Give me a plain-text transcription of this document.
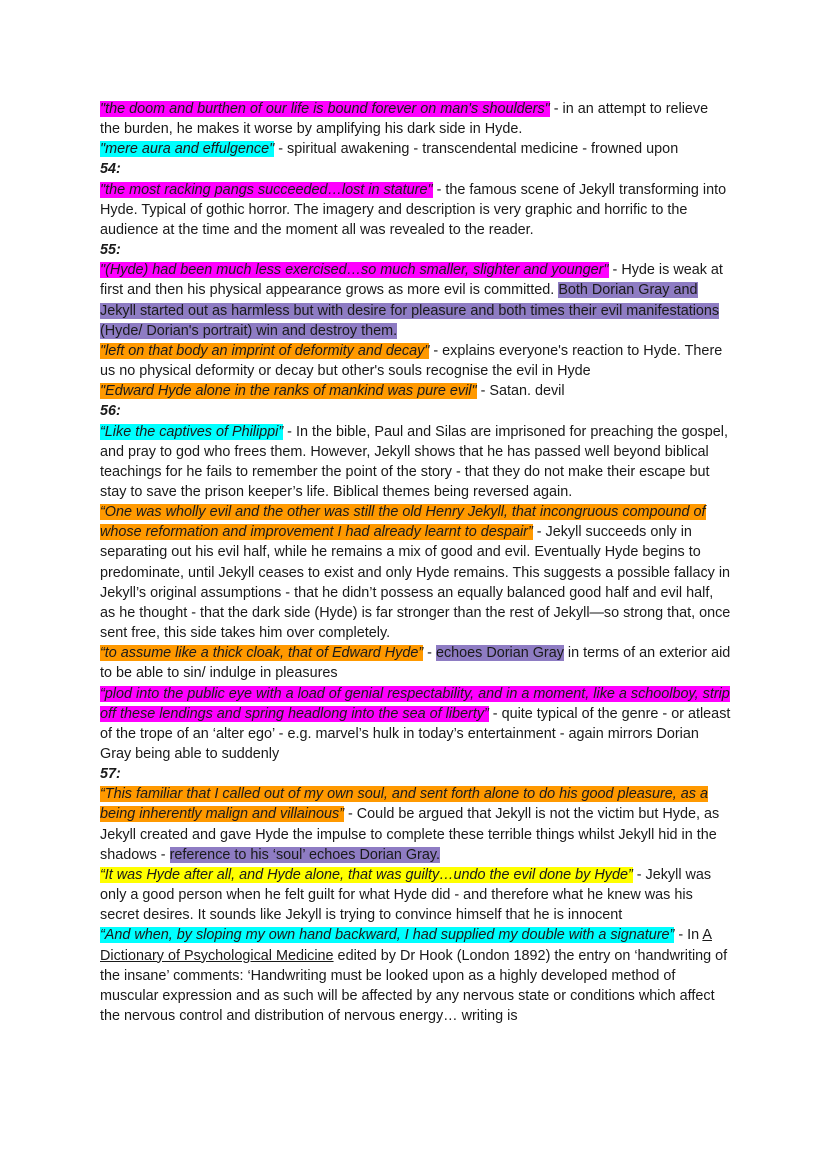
"the doom and burthen of our life is bound forever on man's shoulders" - in an attempt to relieve the burden, he makes it worse by amplifying his dark side in Hyde.

"mere aura and effulgence" - spiritual awakening - transcendental medicine - frowned upon

54:

"the most racking pangs succeeded…lost in stature" - the famous scene of Jekyll transforming into Hyde. Typical of gothic horror. The imagery and description is very graphic and horrific to the audience at the time and the moment all was revealed to the reader.

55:

"(Hyde) had been much less exercised…so much smaller, slighter and younger" - Hyde is weak at first and then his physical appearance grows as more evil is committed. Both Dorian Gray and Jekyll started out as harmless but with desire for pleasure and both times their evil manifestations (Hyde/ Dorian's portrait) win and destroy them.

"left on that body an imprint of deformity and decay" - explains everyone's reaction to Hyde. There us no physical deformity or decay but other's souls recognise the evil in Hyde

"Edward Hyde alone in the ranks of mankind was pure evil" - Satan. devil

56:

“Like the captives of Philippi” - In the bible, Paul and Silas are imprisoned for preaching the gospel, and pray to god who frees them. However, Jekyll shows that he has passed well beyond biblical teachings for he fails to remember the point of the story - that they do not make their escape but stay to save the prison keeper’s life. Biblical themes being reversed again.

“One was wholly evil and the other was still the old Henry Jekyll, that incongruous compound of whose reformation and improvement I had already learnt to despair” - Jekyll succeeds only in separating out his evil half, while he remains a mix of good and evil. Eventually Hyde begins to predominate, until Jekyll ceases to exist and only Hyde remains. This suggests a possible fallacy in Jekyll’s original assumptions - that he didn’t possess an equally balanced good half and evil half, as he thought - that the dark side (Hyde) is far stronger than the rest of Jekyll—so strong that, once sent free, this side takes him over completely.

“to assume like a thick cloak, that of Edward Hyde” - echoes Dorian Gray in terms of an exterior aid to be able to sin/ indulge in pleasures

“plod into the public eye with a load of genial respectability, and in a moment, like a schoolboy, strip off these lendings and spring headlong into the sea of liberty” - quite typical of the genre - or atleast of the trope of an ‘alter ego’ - e.g. marvel’s hulk in today’s entertainment - again mirrors Dorian Gray being able to suddenly

57:

“This familiar that I called out of my own soul, and sent forth alone to do his good pleasure, as a being inherently malign and villainous” - Could be argued that Jekyll is not the victim but Hyde, as Jekyll created and gave Hyde the impulse to complete these terrible things whilst Jekyll hid in the shadows - reference to his ‘soul’ echoes Dorian Gray.

“It was Hyde after all, and Hyde alone, that was guilty…undo the evil done by Hyde” - Jekyll was only a good person when he felt guilt for what Hyde did - and therefore what he knew was his secret desires. It sounds like Jekyll is trying to convince himself that he is innocent

“And when, by sloping my own hand backward, I had supplied my double with a signature” - In A Dictionary of Psychological Medicine edited by Dr Hook (London 1892) the entry on ‘handwriting of the insane’ comments: ‘Handwriting must be looked upon as a highly developed method of muscular expression and as such will be affected by any nervous state or conditions which affect the nervous control and distribution of nervous energy… writing is
